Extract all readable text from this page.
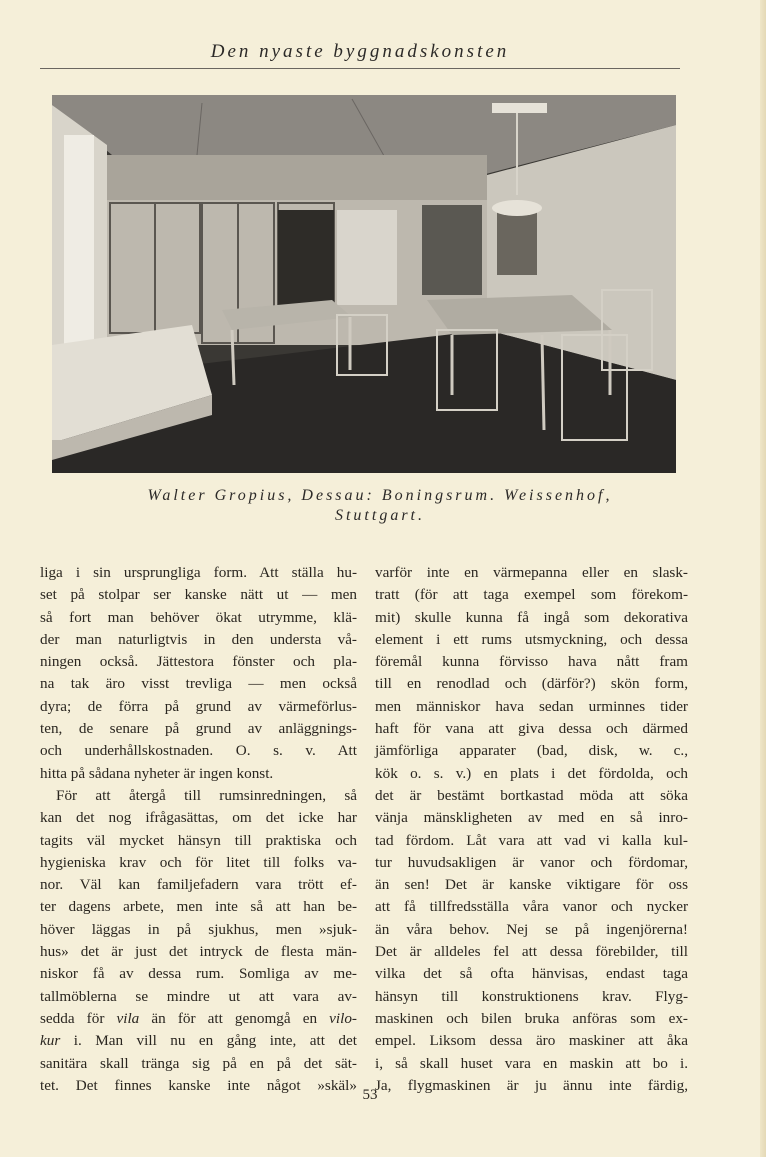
Den nyaste byggnadskonsten
Walter Gropius, Dessau: Boningsrum. Weissenhof,
Stuttgart.
liga i sin ursprungliga form. Att ställa hu-
set på stolpar ser kanske nätt ut — men
så fort man behöver ökat utrymme, klä-
der man naturligtvis in den understa vå-
ningen också. Jättestora fönster och pla-
na tak äro visst trevliga — men också
dyra; de förra på grund av värmeförlus-
ten, de senare på grund av anläggnings-
och underhållskostnaden. O. s. v. Att
hitta på sådana nyheter är ingen konst.
För att återgå till rumsinredningen, så
kan det nog ifrågasättas, om det icke har
tagits väl mycket hänsyn till praktiska och
hygieniska krav och för litet till folks va-
nor. Väl kan familjefadern vara trött ef-
ter dagens arbete, men inte så att han be-
höver läggas in på sjukhus, men »sjuk-
hus» det är just det intryck de flesta män-
niskor få av dessa rum. Somliga av me-
tallmöblerna se mindre ut att vara av-
sedda för vila än för att genomgå en vilo-
kur i. Man vill nu en gång inte, att det
sanitära skall tränga sig på en på det sät-
tet. Det finnes kanske inte något »skäl»
varför inte en värmepanna eller en slask-
tratt (för att taga exempel som förekom-
mit) skulle kunna få ingå som dekorativa
element i ett rums utsmyckning, och dessa
föremål kunna förvisso hava nått fram
till en renodlad och (därför?) skön form,
men människor hava sedan urminnes tider
haft för vana att giva dessa och därmed
jämförliga apparater (bad, disk, w. c.,
kök o. s. v.) en plats i det fördolda, och
det är bestämt bortkastad möda att söka
vänja mänskligheten av med en så inro-
tad fördom. Låt vara att vad vi kalla kul-
tur huvudsakligen är vanor och fördomar,
än sen! Det är kanske viktigare för oss
att få tillfredsställa våra vanor och nycker
än våra behov. Nej se på ingenjörerna!
Det är alldeles fel att dessa förebilder, till
vilka det så ofta hänvisas, endast taga
hänsyn till konstruktionens krav. Flyg-
maskinen och bilen bruka anföras som ex-
empel. Liksom dessa äro maskiner att åka
i, så skall huset vara en maskin att bo i.
Ja, flygmaskinen är ju ännu inte färdig,
53
